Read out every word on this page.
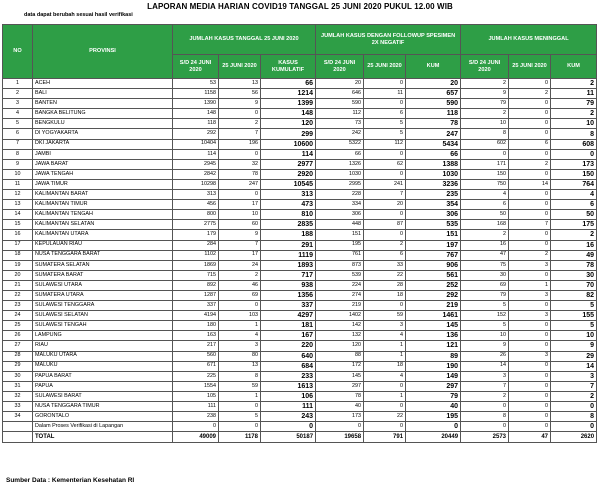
LAPORAN MEDIA HARIAN COVID19 TANGGAL 25 JUNI 2020 PUKUL 12.00 WIB
data dapat berubah sesuai hasil verifikasi
NO	PROVINSI	JUMLAH KASUS TANGGAL 25 JUNI 2020			JUMLAH KASUS DENGAN FOLLOWUP SPESIMEN 2X NEGATIF			JUMLAH KASUS MENINGGAL		
		S/D 24 JUNI 2020	25 JUNI 2020	KASUS KUMULATIF	S/D 24 JUNI 2020	25 JUNI 2020	KUM	S/D 24 JUNI 2020	25 JUNI 2020	KUM
1	ACEH	53	13	66	20	0	20	2	0	2
2	BALI	1158	56	1214	646	11	657	9	2	11
3	BANTEN	1390	9	1399	590	0	590	79	0	79
4	BANGKA BELITUNG	148	0	148	112	6	118	2	0	2
5	BENGKULU	118	2	120	73	5	78	10	0	10
6	DI YOGYAKARTA	292	7	299	242	5	247	8	0	8
7	DKI JAKARTA	10404	196	10600	5322	112	5434	602	6	608
8	JAMBI	114	0	114	66	0	66	0	0	0
9	JAWA BARAT	2945	32	2977	1326	62	1388	171	2	173
10	JAWA TENGAH	2842	78	2920	1030	0	1030	150	0	150
11	JAWA TIMUR	10298	247	10545	2995	241	3236	750	14	764
12	KALIMANTAN BARAT	313	0	313	228	7	235	4	0	4
13	KALIMANTAN TIMUR	456	17	473	334	20	354	6	0	6
14	KALIMANTAN TENGAH	800	10	810	306	0	306	50	0	50
15	KALIMANTAN SELATAN	2775	60	2835	448	87	535	168	7	175
16	KALIMANTAN UTARA	179	9	188	151	0	151	2	0	2
17	KEPULAUAN RIAU	284	7	291	195	2	197	16	0	16
18	NUSA TENGGARA BARAT	1102	17	1119	761	6	767	47	2	49
19	SUMATERA SELATAN	1869	24	1893	873	33	906	75	3	78
20	SUMATERA BARAT	715	2	717	539	22	561	30	0	30
21	SULAWESI UTARA	892	46	938	224	28	252	69	1	70
22	SUMATERA UTARA	1287	69	1356	274	18	292	79	3	82
23	SULAWESI TENGGARA	337	0	337	219	0	219	5	0	5
24	SULAWESI SELATAN	4194	103	4297	1402	59	1461	152	3	155
25	SULAWESI TENGAH	180	1	181	142	3	145	5	0	5
26	LAMPUNG	163	4	167	132	4	136	10	0	10
27	RIAU	217	3	220	120	1	121	9	0	9
28	MALUKU UTARA	560	80	640	88	1	89	26	3	29
29	MALUKU	671	13	684	172	18	190	14	0	14
30	PAPUA BARAT	225	8	233	145	4	149	3	0	3
31	PAPUA	1554	59	1613	297	0	297	7	0	7
32	SULAWESI BARAT	105	1	106	78	1	79	2	0	2
33	NUSA TENGGARA TIMUR	111	0	111	40	0	40	0	0	0
34	GORONTALO	238	5	243	173	22	195	8	0	8
	Dalam Proses Verifikasi di Lapangan	0	0	0	0	0	0	0	0	0
	TOTAL	49009	1178	50187	19658	791	20449	2573	47	2620
Sumber Data : Kementerian Kesehatan RI
